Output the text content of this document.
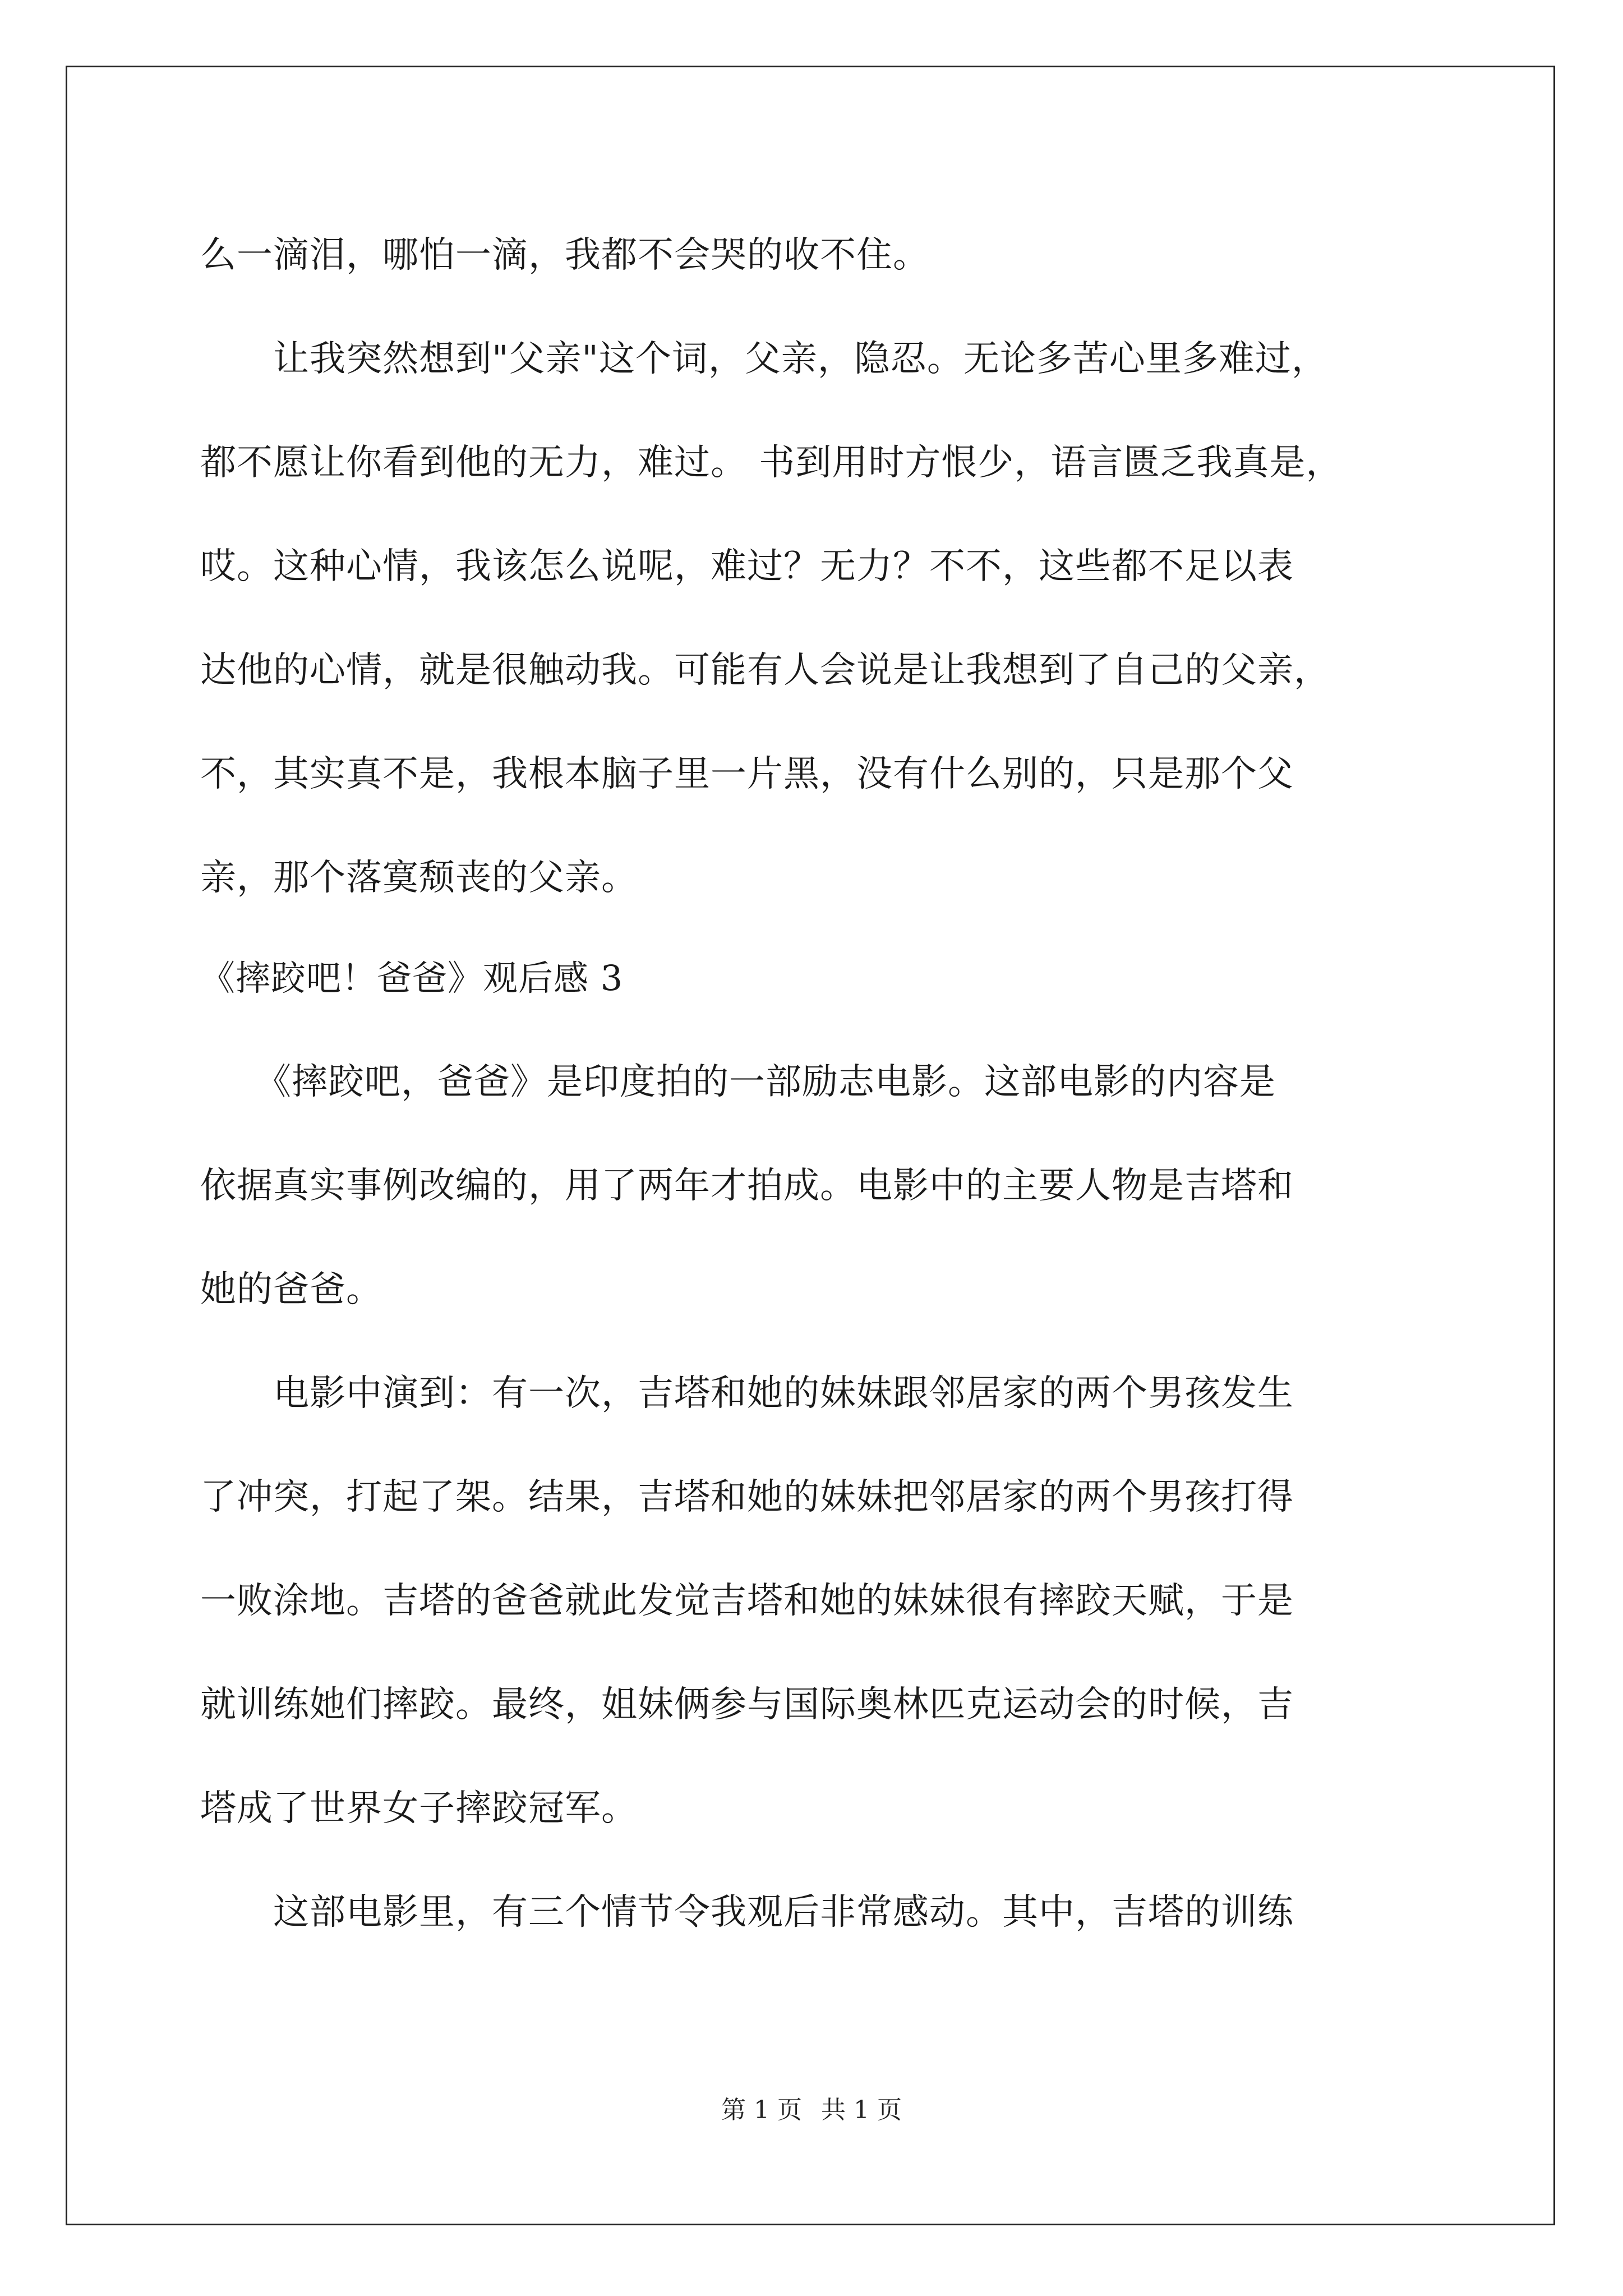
么一滴泪，哪怕一滴，我都不会哭的收不住。
　　让我突然想到"父亲"这个词，父亲，隐忍。无论多苦心里多难过，
都不愿让你看到他的无力，难过。 书到用时方恨少，语言匮乏我真是，
哎。这种心情，我该怎么说呢，难过？无力？不不，这些都不足以表
达他的心情，就是很触动我。可能有人会说是让我想到了自己的父亲，
不，其实真不是，我根本脑子里一片黑，没有什么别的，只是那个父
亲，那个落寞颓丧的父亲。
《摔跤吧！爸爸》观后感 3
　　《摔跤吧，爸爸》是印度拍的一部励志电影。这部电影的内容是
依据真实事例改编的，用了两年才拍成。电影中的主要人物是吉塔和
她的爸爸。
　　电影中演到：有一次，吉塔和她的妹妹跟邻居家的两个男孩发生
了冲突，打起了架。结果，吉塔和她的妹妹把邻居家的两个男孩打得
一败涂地。吉塔的爸爸就此发觉吉塔和她的妹妹很有摔跤天赋，于是
就训练她们摔跤。最终，姐妹俩参与国际奥林匹克运动会的时候，吉
塔成了世界女子摔跤冠军。
　　这部电影里，有三个情节令我观后非常感动。其中，吉塔的训练
第 1 页 共 1 页
